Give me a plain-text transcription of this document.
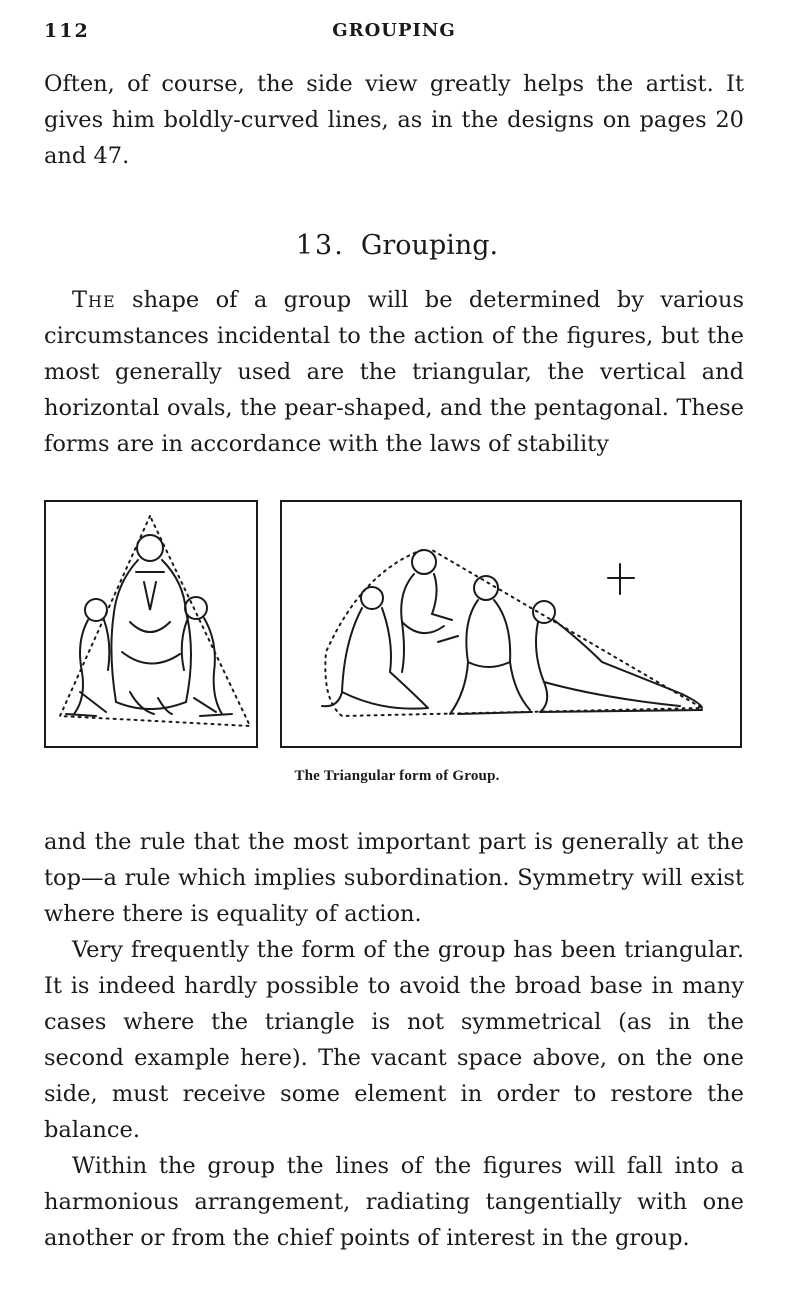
112	GROUPING

Often, of course, the side view greatly helps the artist. It gives him boldly-curved lines, as in the designs on pages 20 and 47.

13. Grouping.

The shape of a group will be determined by various circumstances incidental to the action of the figures, but the most generally used are the triangular, the vertical and horizontal ovals, the pear-shaped, and the pentagonal. These forms are in accordance with the laws of stability

The Triangular form of Group.

and the rule that the most important part is generally at the top—a rule which implies subordination. Symmetry will exist where there is equality of action.

Very frequently the form of the group has been triangular. It is indeed hardly possible to avoid the broad base in many cases where the triangle is not symmetrical (as in the second example here). The vacant space above, on the one side, must receive some element in order to restore the balance.

Within the group the lines of the figures will fall into a harmonious arrangement, radiating tangentially with one another or from the chief points of interest in the group.
